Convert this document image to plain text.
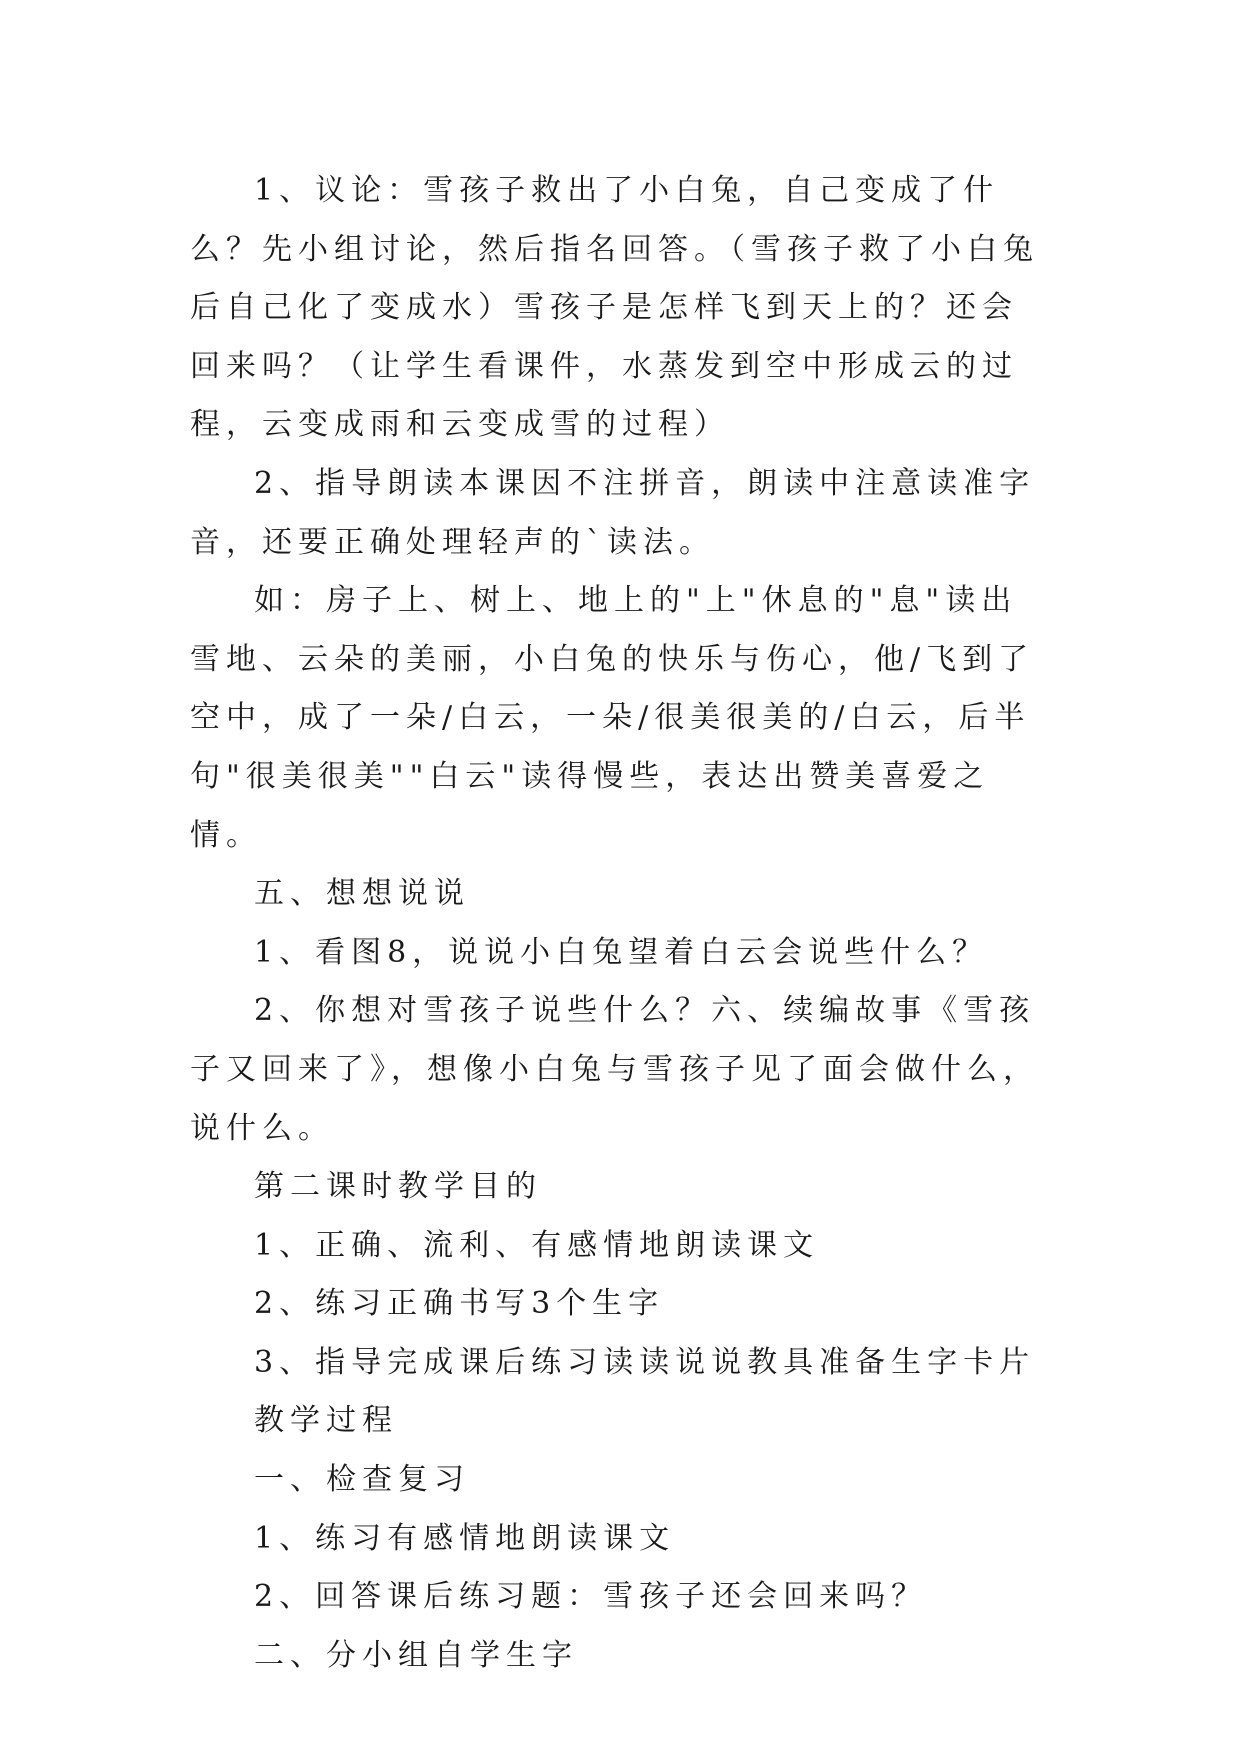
1、议论：雪孩子救出了小白兔，自己变成了什么？先小组讨论，然后指名回答。（雪孩子救了小白兔后自己化了变成水）雪孩子是怎样飞到天上的？还会回来吗？（让学生看课件，水蒸发到空中形成云的过程，云变成雨和云变成雪的过程）

2、指导朗读本课因不注拼音，朗读中注意读准字音，还要正确处理轻声的`读法。

如：房子上、树上、地上的"上"休息的"息"读出雪地、云朵的美丽，小白兔的快乐与伤心，他/飞到了空中，成了一朵/白云，一朵/很美很美的/白云，后半句"很美很美""白云"读得慢些，表达出赞美喜爱之情。

五、想想说说

1、看图8，说说小白兔望着白云会说些什么？

2、你想对雪孩子说些什么？六、续编故事《雪孩子又回来了》，想像小白兔与雪孩子见了面会做什么，说什么。

第二课时教学目的

1、正确、流利、有感情地朗读课文

2、练习正确书写3个生字

3、指导完成课后练习读读说说教具准备生字卡片

教学过程

一、检查复习

1、练习有感情地朗读课文

2、回答课后练习题：雪孩子还会回来吗？

二、分小组自学生字
